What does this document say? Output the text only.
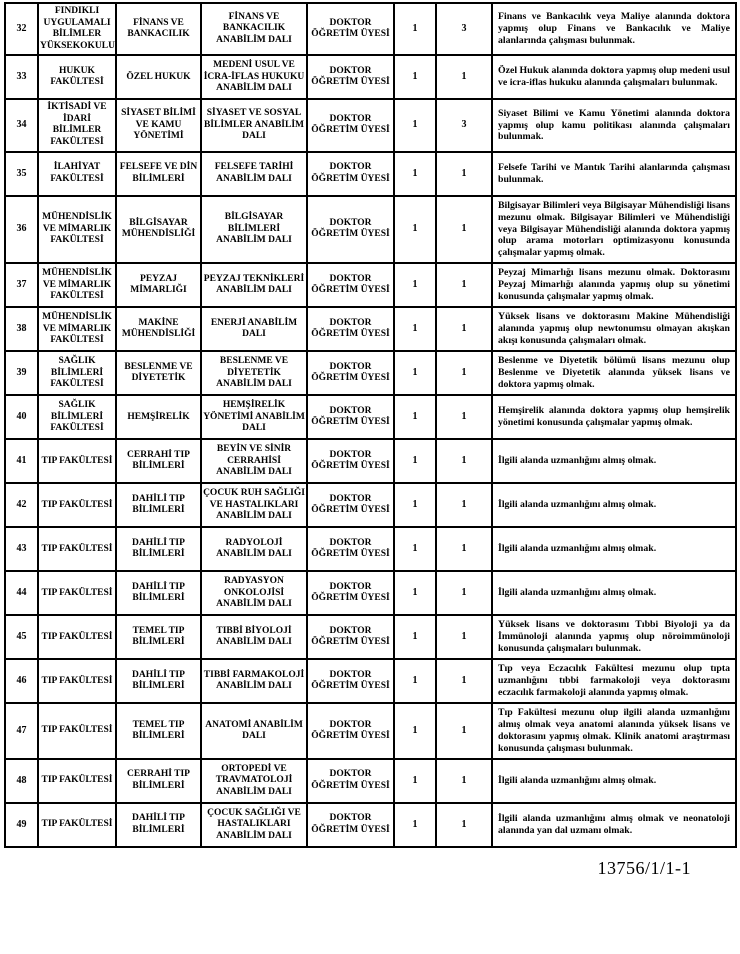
32	FINDIKLI UYGULAMALI BİLİMLER YÜKSEKOKULU	FİNANS VE BANKACILIK	FİNANS VE BANKACILIK ANABİLİM DALI	DOKTOR ÖĞRETİM ÜYESİ	1	3	Finans ve Bankacılık veya Maliye alanında doktora yapmış olup Finans ve Bankacılık ve Maliye alanlarında çalışması bulunmak.
33	HUKUK FAKÜLTESİ	ÖZEL HUKUK	MEDENİ USUL VE İCRA-İFLAS HUKUKU ANABİLİM DALI	DOKTOR ÖĞRETİM ÜYESİ	1	1	Özel Hukuk alanında doktora yapmış olup medeni usul ve icra-iflas hukuku alanında çalışmaları bulunmak.
34	İKTİSADİ VE İDARİ BİLİMLER FAKÜLTESİ	SİYASET BİLİMİ VE KAMU YÖNETİMİ	SİYASET VE SOSYAL BİLİMLER ANABİLİM DALI	DOKTOR ÖĞRETİM ÜYESİ	1	3	Siyaset Bilimi ve Kamu Yönetimi alanında doktora yapmış olup kamu politikası alanında çalışmaları bulunmak.
35	İLAHİYAT FAKÜLTESİ	FELSEFE VE DİN BİLİMLERİ	FELSEFE TARİHİ ANABİLİM DALI	DOKTOR ÖĞRETİM ÜYESİ	1	1	Felsefe Tarihi ve Mantık Tarihi alanlarında çalışması bulunmak.
36	MÜHENDİSLİK VE MİMARLIK FAKÜLTESİ	BİLGİSAYAR MÜHENDİSLİĞİ	BİLGİSAYAR BİLİMLERİ ANABİLİM DALI	DOKTOR ÖĞRETİM ÜYESİ	1	1	Bilgisayar Bilimleri veya Bilgisayar Mühendisliği lisans mezunu olmak. Bilgisayar Bilimleri ve Mühendisliği veya Bilgisayar Mühendisliği alanında doktora yapmış olup arama motorları optimizasyonu konusunda çalışmalar yapmış olmak.
37	MÜHENDİSLİK VE MİMARLIK FAKÜLTESİ	PEYZAJ MİMARLIĞI	PEYZAJ TEKNİKLERİ ANABİLİM DALI	DOKTOR ÖĞRETİM ÜYESİ	1	1	Peyzaj Mimarlığı lisans mezunu olmak. Doktorasını Peyzaj Mimarlığı alanında yapmış olup su yönetimi konusunda çalışmalar yapmış olmak.
38	MÜHENDİSLİK VE MİMARLIK FAKÜLTESİ	MAKİNE MÜHENDİSLİĞİ	ENERJİ ANABİLİM DALI	DOKTOR ÖĞRETİM ÜYESİ	1	1	Yüksek lisans ve doktorasını Makine Mühendisliği alanında yapmış olup newtonumsu olmayan akışkan akışı konusunda çalışmaları olmak.
39	SAĞLIK BİLİMLERİ FAKÜLTESİ	BESLENME VE DİYETETİK	BESLENME VE DİYETETİK ANABİLİM DALI	DOKTOR ÖĞRETİM ÜYESİ	1	1	Beslenme ve Diyetetik bölümü lisans mezunu olup Beslenme ve Diyetetik alanında yüksek lisans ve doktora yapmış olmak.
40	SAĞLIK BİLİMLERİ FAKÜLTESİ	HEMŞİRELİK	HEMŞİRELİK YÖNETİMİ ANABİLİM DALI	DOKTOR ÖĞRETİM ÜYESİ	1	1	Hemşirelik alanında doktora yapmış olup hemşirelik yönetimi konusunda çalışmalar yapmış olmak.
41	TIP FAKÜLTESİ	CERRAHİ TIP BİLİMLERİ	BEYİN VE SİNİR CERRAHİSİ ANABİLİM DALI	DOKTOR ÖĞRETİM ÜYESİ	1	1	İlgili alanda uzmanlığını almış olmak.
42	TIP FAKÜLTESİ	DAHİLİ TIP BİLİMLERİ	ÇOCUK RUH SAĞLIĞI VE HASTALIKLARI ANABİLİM DALI	DOKTOR ÖĞRETİM ÜYESİ	1	1	İlgili alanda uzmanlığını almış olmak.
43	TIP FAKÜLTESİ	DAHİLİ TIP BİLİMLERİ	RADYOLOJİ ANABİLİM DALI	DOKTOR ÖĞRETİM ÜYESİ	1	1	İlgili alanda uzmanlığını almış olmak.
44	TIP FAKÜLTESİ	DAHİLİ TIP BİLİMLERİ	RADYASYON ONKOLOJİSİ ANABİLİM DALI	DOKTOR ÖĞRETİM ÜYESİ	1	1	İlgili alanda uzmanlığını almış olmak.
45	TIP FAKÜLTESİ	TEMEL TIP BİLİMLERİ	TIBBİ BİYOLOJİ ANABİLİM DALI	DOKTOR ÖĞRETİM ÜYESİ	1	1	Yüksek lisans ve doktorasını Tıbbi Biyoloji ya da İmmünoloji alanında yapmış olup nöroimmünoloji konusunda çalışmaları bulunmak.
46	TIP FAKÜLTESİ	DAHİLİ TIP BİLİMLERİ	TIBBİ FARMAKOLOJİ ANABİLİM DALI	DOKTOR ÖĞRETİM ÜYESİ	1	1	Tıp veya Eczacılık Fakültesi mezunu olup tıpta uzmanlığını tıbbi farmakoloji veya doktorasını eczacılık farmakoloji alanında yapmış olmak.
47	TIP FAKÜLTESİ	TEMEL TIP BİLİMLERİ	ANATOMİ ANABİLİM DALI	DOKTOR ÖĞRETİM ÜYESİ	1	1	Tıp Fakültesi mezunu olup ilgili alanda uzmanlığını almış olmak veya anatomi alanında yüksek lisans ve doktorasını yapmış olmak. Klinik anatomi araştırması konusunda çalışması bulunmak.
48	TIP FAKÜLTESİ	CERRAHİ TIP BİLİMLERİ	ORTOPEDİ VE TRAVMATOLOJİ ANABİLİM DALI	DOKTOR ÖĞRETİM ÜYESİ	1	1	İlgili alanda uzmanlığını almış olmak.
49	TIP FAKÜLTESİ	DAHİLİ TIP BİLİMLERİ	ÇOCUK SAĞLIĞI VE HASTALIKLARI ANABİLİM DALI	DOKTOR ÖĞRETİM ÜYESİ	1	1	İlgili alanda uzmanlığını almış olmak ve neonatoloji alanında yan dal uzmanı olmak.
13756/1/1-1
